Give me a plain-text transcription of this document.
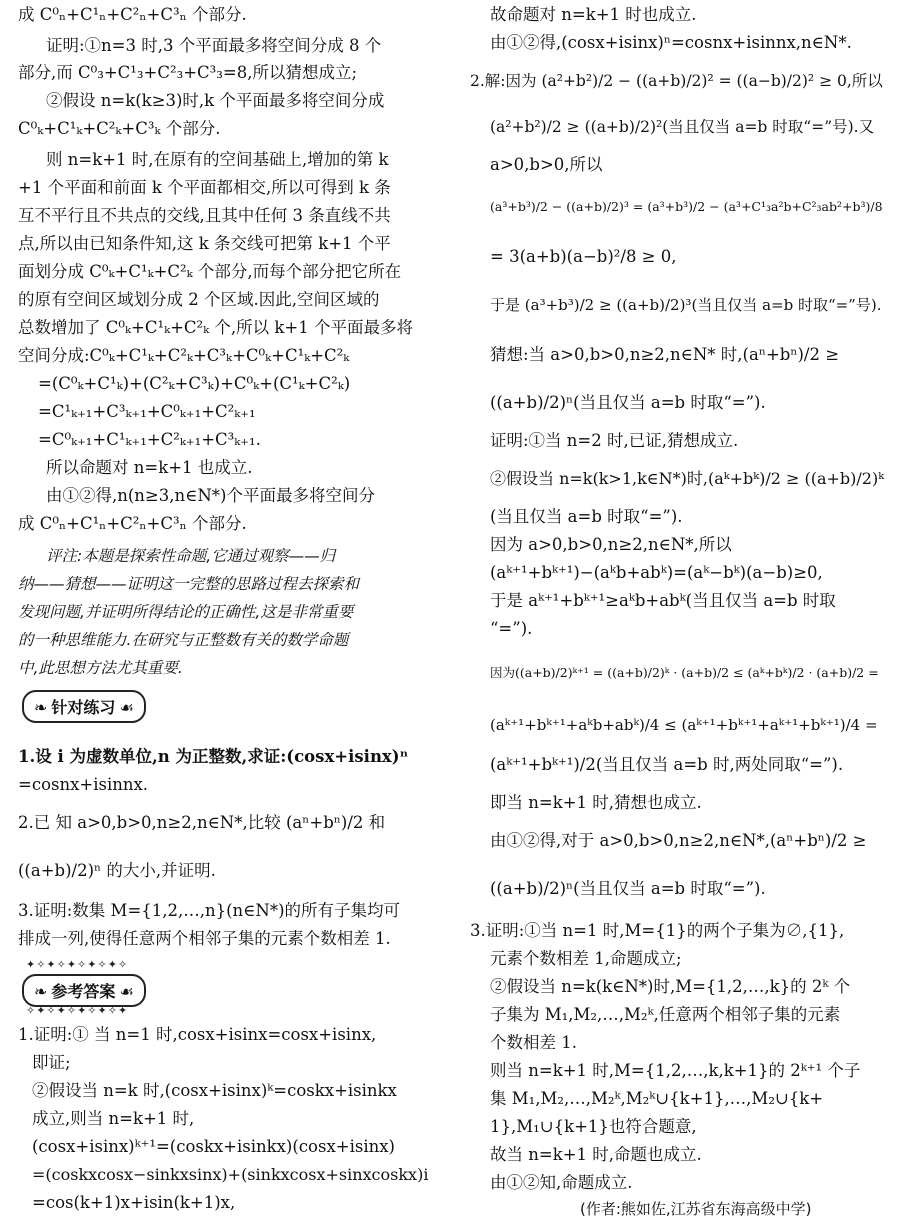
成 C⁰ₙ+C¹ₙ+C²ₙ+C³ₙ 个部分.
证明:①n=3 时,3 个平面最多将空间分成 8 个
部分,而 C⁰₃+C¹₃+C²₃+C³₃=8,所以猜想成立;
②假设 n=k(k≥3)时,k 个平面最多将空间分成
C⁰ₖ+C¹ₖ+C²ₖ+C³ₖ 个部分.
则 n=k+1 时,在原有的空间基础上,增加的第 k
+1 个平面和前面 k 个平面都相交,所以可得到 k 条
互不平行且不共点的交线,且其中任何 3 条直线不共
点,所以由已知条件知,这 k 条交线可把第 k+1 个平
面划分成 C⁰ₖ+C¹ₖ+C²ₖ 个部分,而每个部分把它所在
的原有空间区域划分成 2 个区域.因此,空间区域的
总数增加了 C⁰ₖ+C¹ₖ+C²ₖ 个,所以 k+1 个平面最多将
空间分成:C⁰ₖ+C¹ₖ+C²ₖ+C³ₖ+C⁰ₖ+C¹ₖ+C²ₖ
=(C⁰ₖ+C¹ₖ)+(C²ₖ+C³ₖ)+C⁰ₖ+(C¹ₖ+C²ₖ)
=C¹ₖ₊₁+C³ₖ₊₁+C⁰ₖ₊₁+C²ₖ₊₁
=C⁰ₖ₊₁+C¹ₖ₊₁+C²ₖ₊₁+C³ₖ₊₁.
所以命题对 n=k+1 也成立.
由①②得,n(n≥3,n∈N*)个平面最多将空间分
成 C⁰ₙ+C¹ₙ+C²ₙ+C³ₙ 个部分.
评注:本题是探索性命题,它通过观察——归
纳——猜想——证明这一完整的思路过程去探索和
发现问题,并证明所得结论的正确性,这是非常重要
的一种思维能力.在研究与正整数有关的数学命题
中,此思想方法尤其重要.
❧ 针对练习 ☙
1.设 i 为虚数单位,n 为正整数,求证:(cosx+isinx)ⁿ
=cosnx+isinnx.
2.已 知 a>0,b>0,n≥2,n∈N*,比较 (aⁿ+bⁿ)/2 和
((a+b)/2)ⁿ 的大小,并证明.
3.证明:数集 M={1,2,…,n}(n∈N*)的所有子集均可
排成一列,使得任意两个相邻子集的元素个数相差 1.
✦✧✦✧✦✧✦✧✦✧
❧ 参考答案 ☙
✧✦✧✦✧✦✧✦✧✦
1.证明:① 当 n=1 时,cosx+isinx=cosx+isinx,
即证;
②假设当 n=k 时,(cosx+isinx)ᵏ=coskx+isinkx
成立,则当 n=k+1 时,
(cosx+isinx)ᵏ⁺¹=(coskx+isinkx)(cosx+isinx)
=(coskxcosx−sinkxsinx)+(sinkxcosx+sinxcoskx)i
=cos(k+1)x+isin(k+1)x,
故命题对 n=k+1 时也成立.
由①②得,(cosx+isinx)ⁿ=cosnx+isinnx,n∈N*.
2.解:因为 (a²+b²)/2 − ((a+b)/2)² = ((a−b)/2)² ≥ 0,所以
(a²+b²)/2 ≥ ((a+b)/2)²(当且仅当 a=b 时取“=”号).又
a>0,b>0,所以
(a³+b³)/2 − ((a+b)/2)³ = (a³+b³)/2 − (a³+C¹₃a²b+C²₃ab²+b³)/8
= 3(a+b)(a−b)²/8 ≥ 0,
于是 (a³+b³)/2 ≥ ((a+b)/2)³(当且仅当 a=b 时取“=”号).
猜想:当 a>0,b>0,n≥2,n∈N* 时,(aⁿ+bⁿ)/2 ≥
((a+b)/2)ⁿ(当且仅当 a=b 时取“=”).
证明:①当 n=2 时,已证,猜想成立.
②假设当 n=k(k>1,k∈N*)时,(aᵏ+bᵏ)/2 ≥ ((a+b)/2)ᵏ
(当且仅当 a=b 时取“=”).
因为 a>0,b>0,n≥2,n∈N*,所以
(aᵏ⁺¹+bᵏ⁺¹)−(aᵏb+abᵏ)=(aᵏ−bᵏ)(a−b)≥0,
于是 aᵏ⁺¹+bᵏ⁺¹≥aᵏb+abᵏ(当且仅当 a=b 时取
“=”).
因为((a+b)/2)ᵏ⁺¹ = ((a+b)/2)ᵏ · (a+b)/2 ≤ (aᵏ+bᵏ)/2 · (a+b)/2 =
(aᵏ⁺¹+bᵏ⁺¹+aᵏb+abᵏ)/4 ≤ (aᵏ⁺¹+bᵏ⁺¹+aᵏ⁺¹+bᵏ⁺¹)/4 =
(aᵏ⁺¹+bᵏ⁺¹)/2(当且仅当 a=b 时,两处同取“=”).
即当 n=k+1 时,猜想也成立.
由①②得,对于 a>0,b>0,n≥2,n∈N*,(aⁿ+bⁿ)/2 ≥
((a+b)/2)ⁿ(当且仅当 a=b 时取“=”).
3.证明:①当 n=1 时,M={1}的两个子集为∅,{1},
元素个数相差 1,命题成立;
②假设当 n=k(k∈N*)时,M={1,2,…,k}的 2ᵏ 个
子集为 M₁,M₂,…,M₂ᵏ,任意两个相邻子集的元素
个数相差 1.
则当 n=k+1 时,M={1,2,…,k,k+1}的 2ᵏ⁺¹ 个子
集 M₁,M₂,…,M₂ᵏ,M₂ᵏ∪{k+1},…,M₂∪{k+
1},M₁∪{k+1}也符合题意,
故当 n=k+1 时,命题也成立.
由①②知,命题成立.
(作者:熊如佐,江苏省东海高级中学)
